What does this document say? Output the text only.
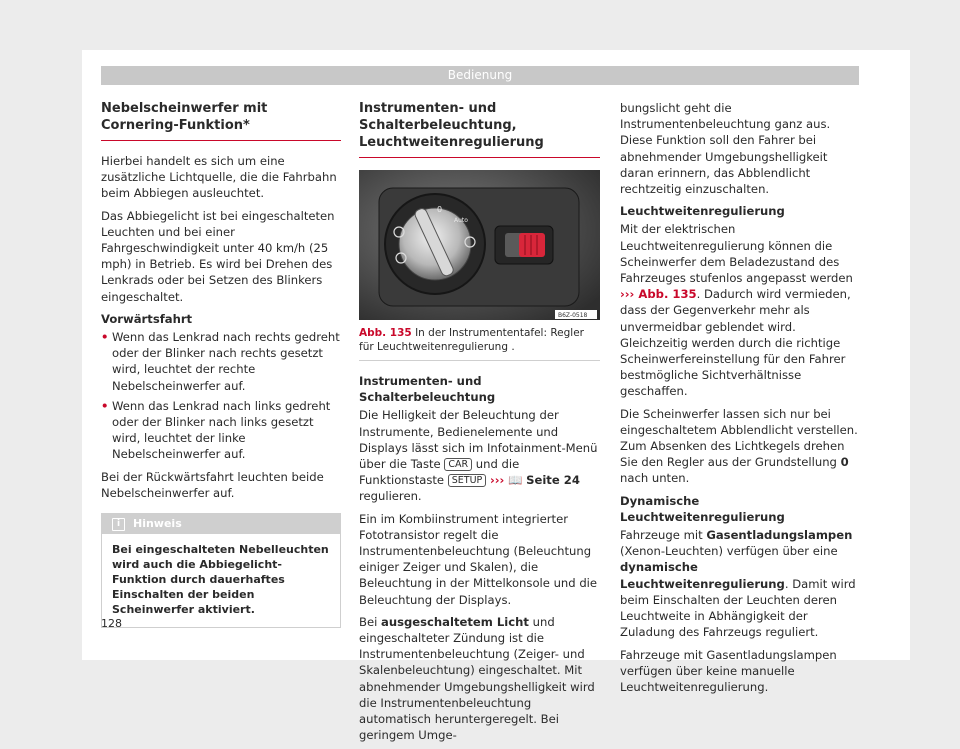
Bedienung
Nebelscheinwerfer mit Cornering-Funktion*

Hierbei handelt es sich um eine zusätzliche Lichtquelle, die die Fahrbahn beim Abbiegen ausleuchtet.

Das Abbiegelicht ist bei eingeschalteten Leuchten und bei einer Fahrgeschwindigkeit unter 40 km/h (25 mph) in Betrieb. Es wird bei Drehen des Lenkrads oder bei Setzen des Blinkers eingeschaltet.

Vorwärtsfahrt
• Wenn das Lenkrad nach rechts gedreht oder der Blinker nach rechts gesetzt wird, leuchtet der rechte Nebelscheinwerfer auf.
• Wenn das Lenkrad nach links gedreht oder der Blinker nach links gesetzt wird, leuchtet der linke Nebelscheinwerfer auf.

Bei der Rückwärtsfahrt leuchten beide Nebelscheinwerfer auf.

i	Hinweis
Bei eingeschalteten Nebelleuchten wird auch die Abbiegelicht-Funktion durch dauerhaftes Einschalten der beiden Scheinwerfer aktiviert.
Instrumenten- und Schalterbeleuchtung, Leuchtweitenregulierung
0
Auto
B6Z-0518
Abb. 135 In der Instrumententafel: Regler für Leuchtweitenregulierung .
Instrumenten- und Schalterbeleuchtung

Die Helligkeit der Beleuchtung der Instrumente, Bedienelemente und Displays lässt sich im Infotainment-Menü über die Taste CAR und die Funktionstaste SETUP ››› 📖 Seite 24 regulieren.

Ein im Kombiinstrument integrierter Fototransistor regelt die Instrumentenbeleuchtung (Beleuchtung einiger Zeiger und Skalen), die Beleuchtung in der Mittelkonsole und die Beleuchtung der Displays.

Bei ausgeschaltetem Licht und eingeschalteter Zündung ist die Instrumentenbeleuchtung (Zeiger- und Skalenbeleuchtung) eingeschaltet. Mit abnehmender Umgebungshelligkeit wird die Instrumentenbeleuchtung automatisch heruntergeregelt. Bei geringem Umge-

bungslicht geht die Instrumentenbeleuchtung ganz aus. Diese Funktion soll den Fahrer bei abnehmender Umgebungshelligkeit daran erinnern, das Abblendlicht rechtzeitig einzuschalten.

Leuchtweitenregulierung

Mit der elektrischen Leuchtweitenregulierung können die Scheinwerfer dem Beladezustand des Fahrzeuges stufenlos angepasst werden ››› Abb. 135. Dadurch wird vermieden, dass der Gegenverkehr mehr als unvermeidbar geblendet wird. Gleichzeitig werden durch die richtige Scheinwerfereinstellung für den Fahrer bestmögliche Sichtverhältnisse geschaffen.

Die Scheinwerfer lassen sich nur bei eingeschaltetem Abblendlicht verstellen. Zum Absenken des Lichtkegels drehen Sie den Regler aus der Grundstellung 0 nach unten.

Dynamische Leuchtweitenregulierung

Fahrzeuge mit Gasentladungslampen (Xenon-Leuchten) verfügen über eine dynamische Leuchtweitenregulierung. Damit wird beim Einschalten der Leuchten deren Leuchtweite in Abhängigkeit der Zuladung des Fahrzeugs reguliert.

Fahrzeuge mit Gasentladungslampen verfügen über keine manuelle Leuchtweitenregulierung.

128
